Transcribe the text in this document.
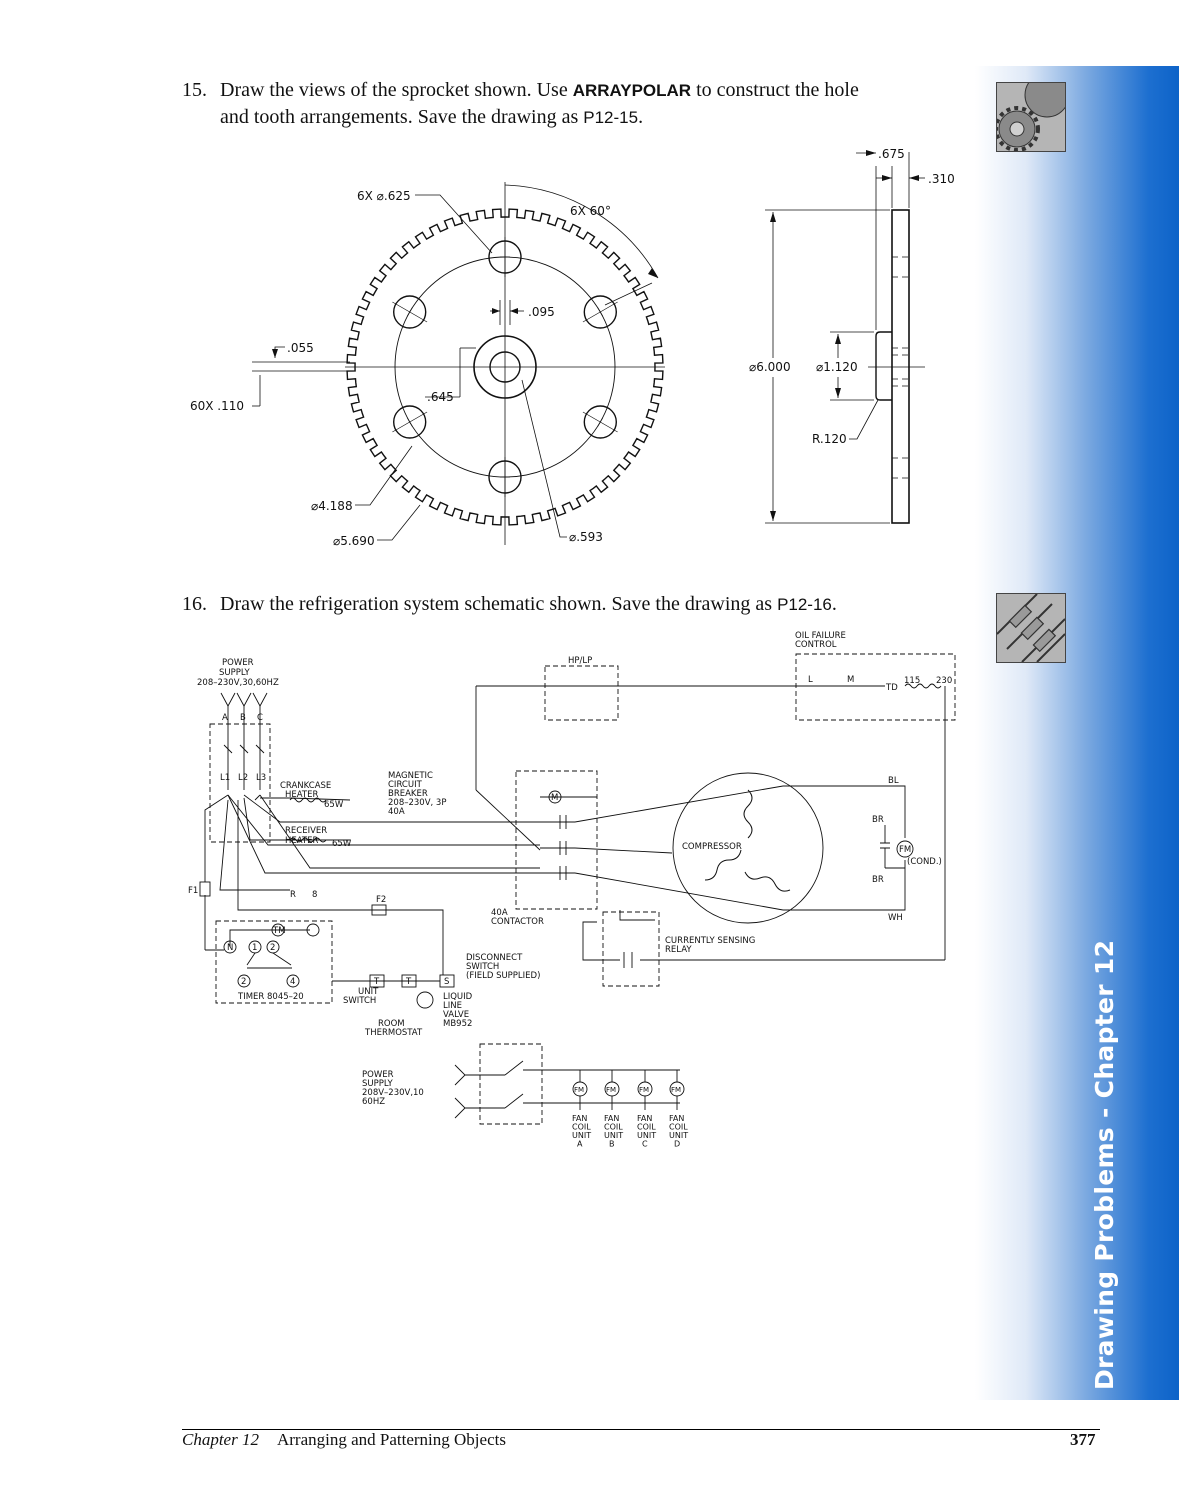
15. Draw the views of the sprocket shown. Use ARRAYPOLAR to construct the hole
and tooth arrangements. Save the drawing as P12-15.
6X ⌀.625
6X 60°
.095
.055
60X .110
.645
⌀4.188
⌀5.690	⌀.593
.675
.310
⌀6.000 ⌀1.120
R.120
16. Draw the refrigeration system schematic shown. Save the drawing as P12-16.
FM
FAN
COIL
UNIT
A
FM
FAN
COIL
UNIT
B
FM
FAN
COIL
UNIT
C
FM
FAN
COIL
UNIT
D
POWER SUPPLY 208–230V,30,60HZ
A B C
L1 L2 L3
CRANKCASE HEATER
65W
RECEIVER HEATER	65W
MAGNETIC CIRCUIT BREAKER 208–230V, 3P 40A
HP/LP
OIL FAILURE CONTROL
L	M
TD
115 230
M
COMPRESSOR
BL
BR
BR
WH
FM
(COND.)
40A CONTACTOR
CURRENTLY SENSING RELAY
F1
F2
R 8
TM
N 1 2
2	4
TIMER 8045–20
DISCONNECT SWITCH (FIELD SUPPLIED)
T	T	S
UNIT SWITCH
ROOM THERMOSTAT
LIQUID LINE VALVE MB952
POWER SUPPLY 208V–230V,10 60HZ	Drawing Problems - Chapter 12
Chapter 12 Arranging and Patterning Objects	377
